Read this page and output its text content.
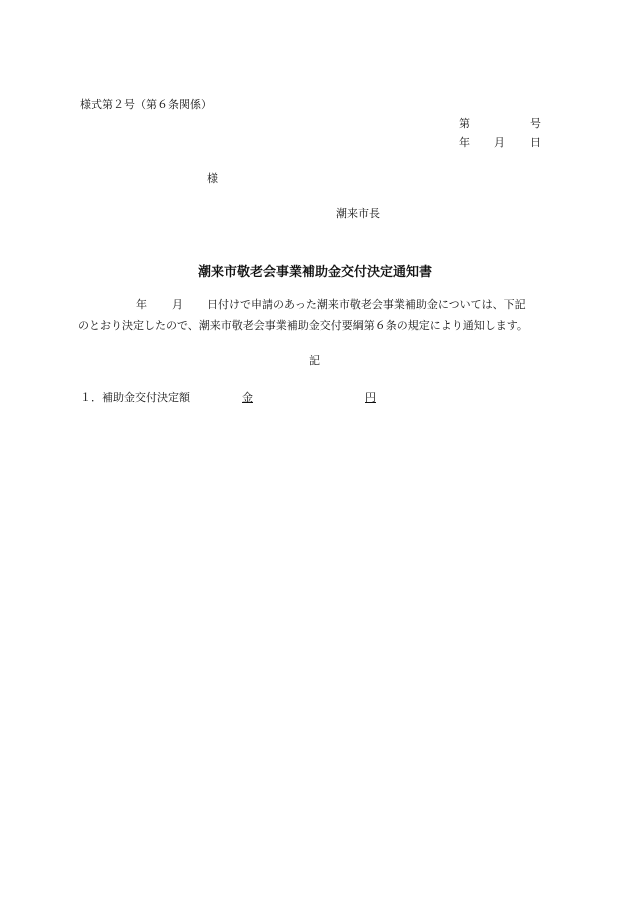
様式第２号（第６条関係）
第	号
年 月 日
様
潮来市長
潮来市敬老会事業補助金交付決定通知書
年 月 日付けで申請のあった潮来市敬老会事業補助金については、下記
のとおり決定したので、潮来市敬老会事業補助金交付要綱第６条の規定により通知します。
記
１．補助金交付決定額	金	円
